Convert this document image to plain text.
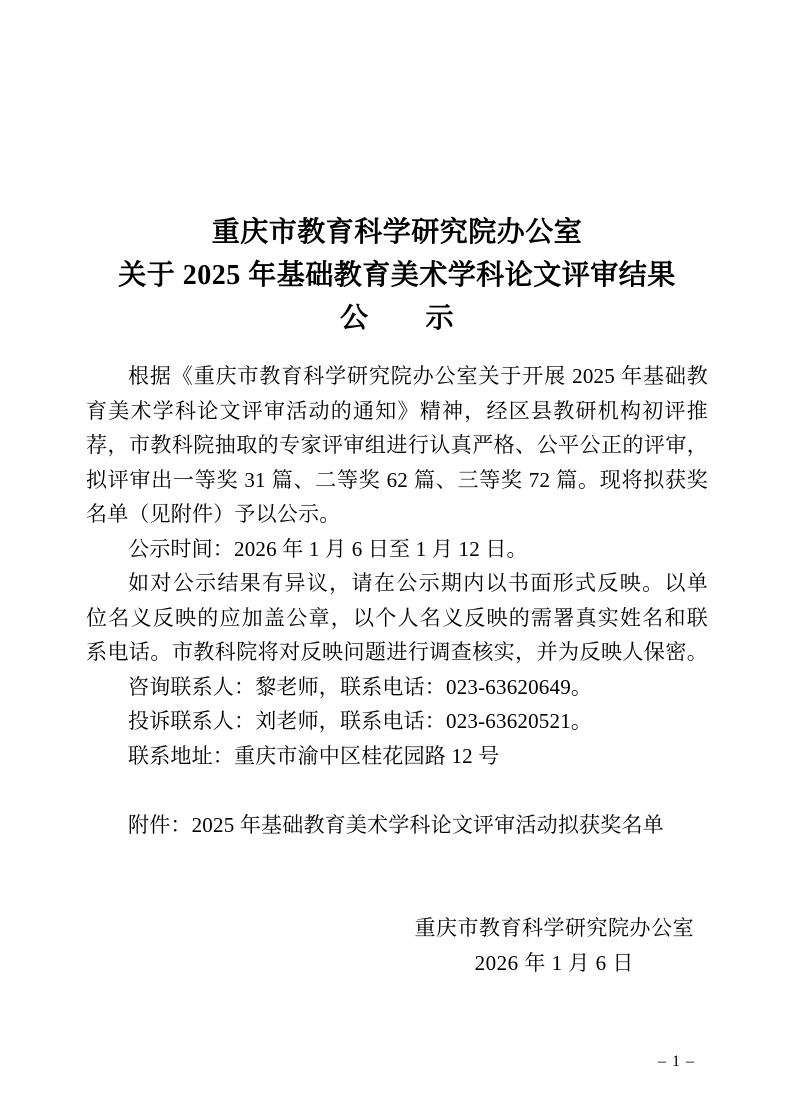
重庆市教育科学研究院办公室
关于 2025 年基础教育美术学科论文评审结果
公　　示
根据《重庆市教育科学研究院办公室关于开展 2025 年基础教
育美术学科论文评审活动的通知》精神，经区县教研机构初评推
荐，市教科院抽取的专家评审组进行认真严格、公平公正的评审，
拟评审出一等奖 31 篇、二等奖 62 篇、三等奖 72 篇。现将拟获奖
名单（见附件）予以公示。
公示时间：2026 年 1 月 6 日至 1 月 12 日。
如对公示结果有异议，请在公示期内以书面形式反映。以单
位名义反映的应加盖公章，以个人名义反映的需署真实姓名和联
系电话。市教科院将对反映问题进行调查核实，并为反映人保密。
咨询联系人：黎老师，联系电话：023-63620649。
投诉联系人：刘老师，联系电话：023-63620521。
联系地址：重庆市渝中区桂花园路 12 号
附件：2025 年基础教育美术学科论文评审活动拟获奖名单
重庆市教育科学研究院办公室
2026 年 1 月 6 日
– 1 –
